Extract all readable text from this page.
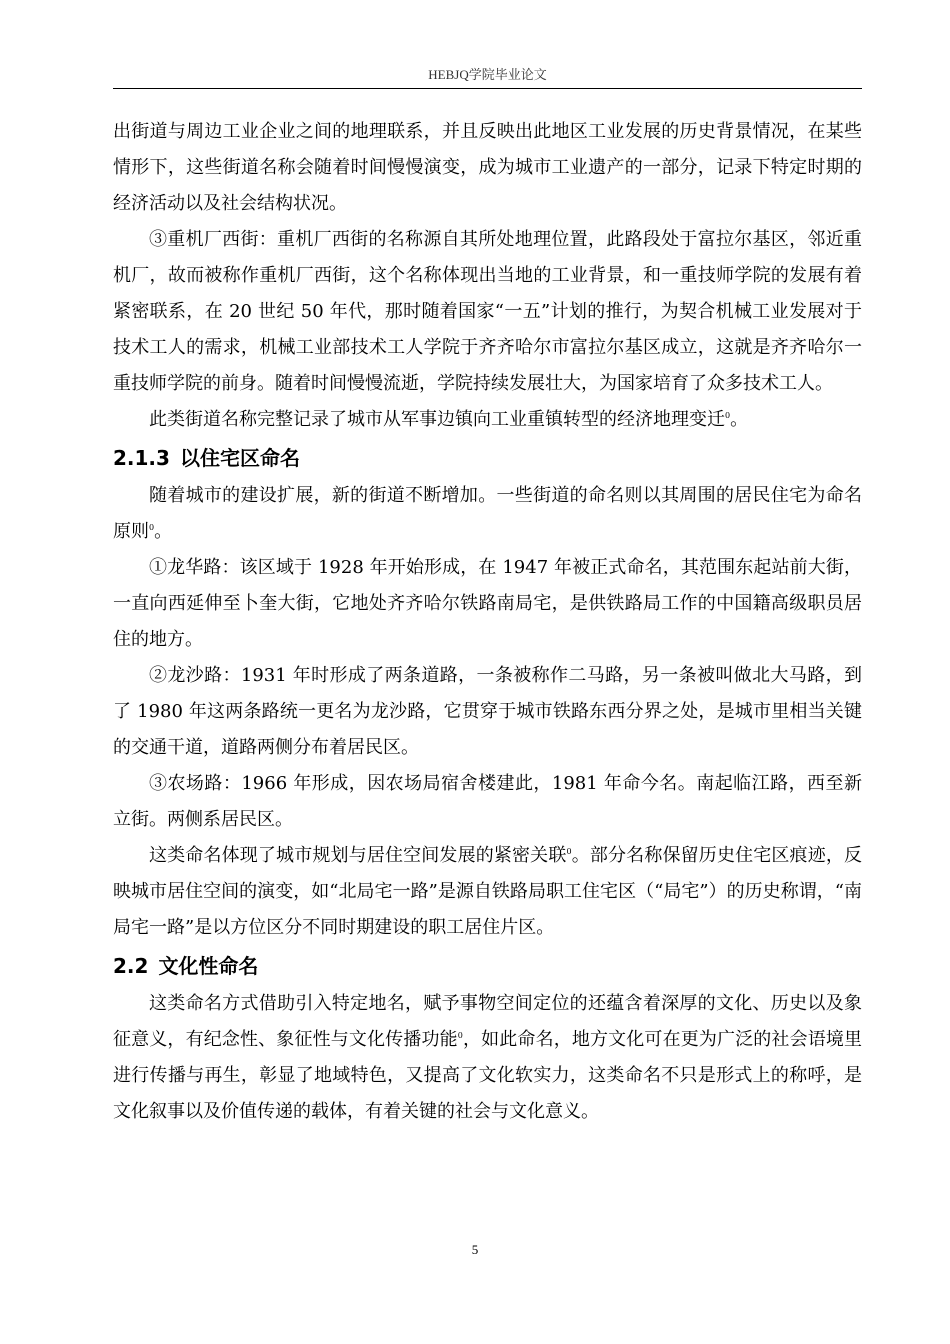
HEBJQ学院毕业论文

出街道与周边工业企业之间的地理联系，并且反映出此地区工业发展的历史背景情况，在某些情形下，这些街道名称会随着时间慢慢演变，成为城市工业遗产的一部分，记录下特定时期的经济活动以及社会结构状况。

③重机厂西街：重机厂西街的名称源自其所处地理位置，此路段处于富拉尔基区，邻近重机厂，故而被称作重机厂西街，这个名称体现出当地的工业背景，和一重技师学院的发展有着紧密联系，在 20 世纪 50 年代，那时随着国家“一五”计划的推行，为契合机械工业发展对于技术工人的需求，机械工业部技术工人学院于齐齐哈尔市富拉尔基区成立，这就是齐齐哈尔一重技师学院的前身。随着时间慢慢流逝，学院持续发展壮大，为国家培育了众多技术工人。

此类街道名称完整记录了城市从军事边镇向工业重镇转型的经济地理变迁$^0$。

2.1.3 以住宅区命名

随着城市的建设扩展，新的街道不断增加。一些街道的命名则以其周围的居民住宅为命名原则$^0$。

①龙华路：该区域于 1928 年开始形成，在 1947 年被正式命名，其范围东起站前大街，一直向西延伸至卜奎大街，它地处齐齐哈尔铁路南局宅，是供铁路局工作的中国籍高级职员居住的地方。

②龙沙路：1931 年时形成了两条道路，一条被称作二马路，另一条被叫做北大马路，到了 1980 年这两条路统一更名为龙沙路，它贯穿于城市铁路东西分界之处，是城市里相当关键的交通干道，道路两侧分布着居民区。

③农场路：1966 年形成，因农场局宿舍楼建此，1981 年命今名。南起临江路，西至新立街。两侧系居民区。

这类命名体现了城市规划与居住空间发展的紧密关联$^0$。部分名称保留历史住宅区痕迹，反映城市居住空间的演变，如“北局宅一路”是源自铁路局职工住宅区（“局宅”）的历史称谓，“南局宅一路”是以方位区分不同时期建设的职工居住片区。

2.2 文化性命名

这类命名方式借助引入特定地名，赋予事物空间定位的还蕴含着深厚的文化、历史以及象征意义，有纪念性、象征性与文化传播功能$^0$，如此命名，地方文化可在更为广泛的社会语境里进行传播与再生，彰显了地域特色，又提高了文化软实力，这类命名不只是形式上的称呼，是文化叙事以及价值传递的载体，有着关键的社会与文化意义。

5
